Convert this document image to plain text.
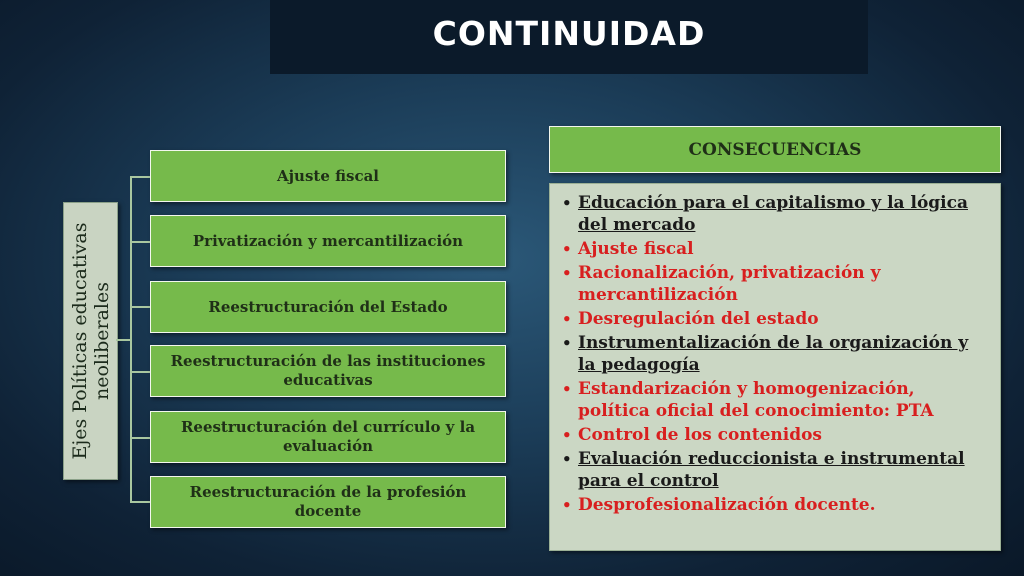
CONTINUIDAD
Ejes Políticas educativas neoliberales
Ajuste fiscal
Privatización y mercantilización
Reestructuración del Estado
Reestructuración de las instituciones educativas
Reestructuración del currículo y la evaluación
Reestructuración de la profesión docente
CONSECUENCIAS
• Educación para el capitalismo y la lógica del mercado
• Ajuste fiscal
• Racionalización, privatización y mercantilización
• Desregulación del estado
• Instrumentalización de la organización y la pedagogía
• Estandarización y homogenización, política oficial del conocimiento: PTA
• Control de los contenidos
• Evaluación reduccionista e instrumental para el control
• Desprofesionalización docente.
